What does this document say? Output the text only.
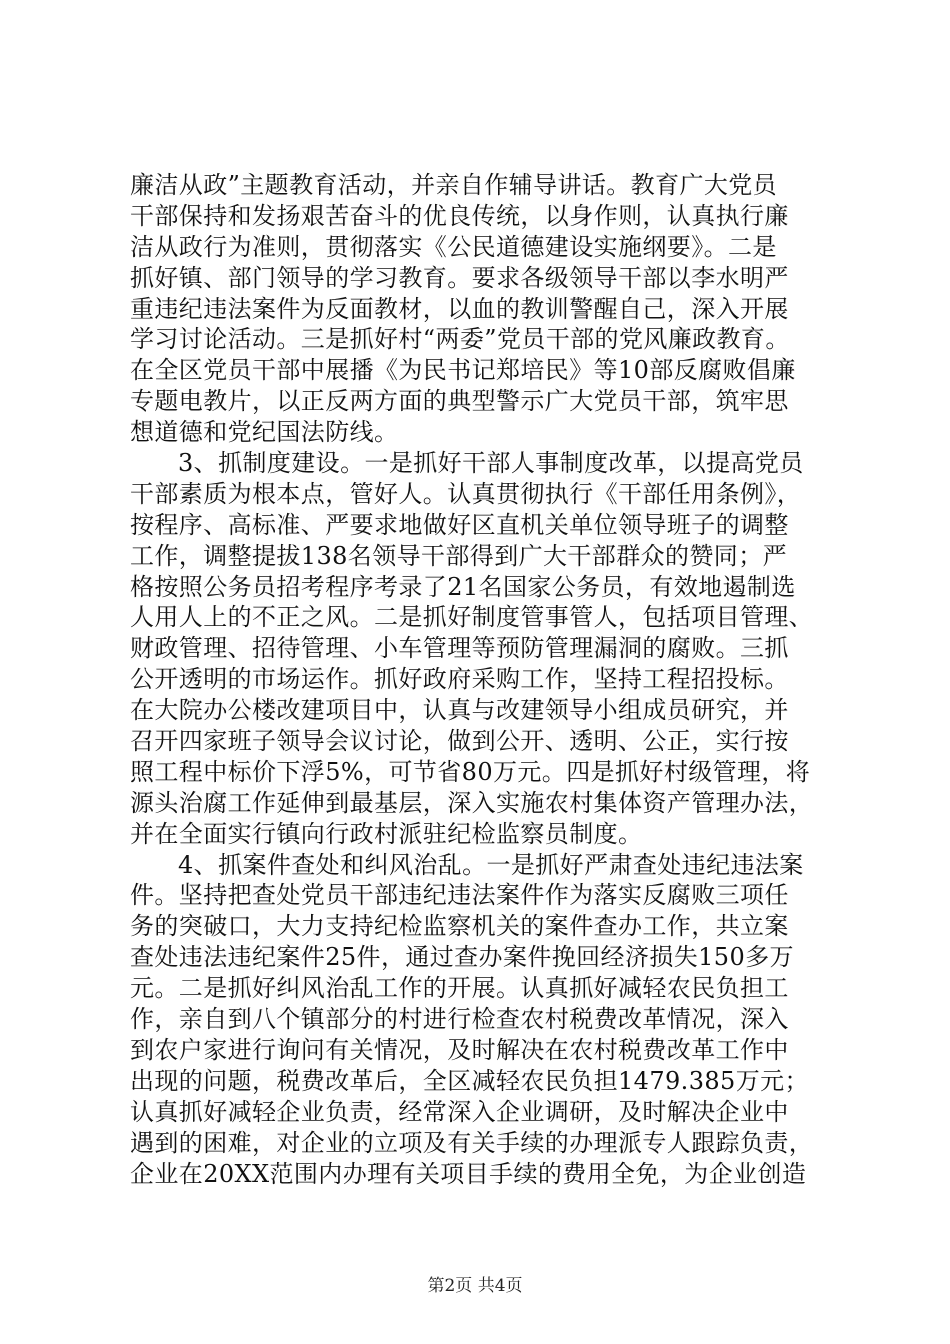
廉洁从政”主题教育活动，并亲自作辅导讲话。教育广大党员
干部保持和发扬艰苦奋斗的优良传统，以身作则，认真执行廉
洁从政行为准则，贯彻落实《公民道德建设实施纲要》。二是
抓好镇、部门领导的学习教育。要求各级领导干部以李水明严
重违纪违法案件为反面教材，以血的教训警醒自己，深入开展
学习讨论活动。三是抓好村“两委”党员干部的党风廉政教育。
在全区党员干部中展播《为民书记郑培民》等10部反腐败倡廉
专题电教片，以正反两方面的典型警示广大党员干部，筑牢思
想道德和党纪国法防线。
3、抓制度建设。一是抓好干部人事制度改革，以提高党员
干部素质为根本点，管好人。认真贯彻执行《干部任用条例》，
按程序、高标准、严要求地做好区直机关单位领导班子的调整
工作，调整提拔138名领导干部得到广大干部群众的赞同；严
格按照公务员招考程序考录了21名国家公务员，有效地遏制选
人用人上的不正之风。二是抓好制度管事管人，包括项目管理、
财政管理、招待管理、小车管理等预防管理漏洞的腐败。三抓
公开透明的市场运作。抓好政府采购工作，坚持工程招投标。
在大院办公楼改建项目中，认真与改建领导小组成员研究，并
召开四家班子领导会议讨论，做到公开、透明、公正，实行按
照工程中标价下浮5%，可节省80万元。四是抓好村级管理，将
源头治腐工作延伸到最基层，深入实施农村集体资产管理办法，
并在全面实行镇向行政村派驻纪检监察员制度。
4、抓案件查处和纠风治乱。一是抓好严肃查处违纪违法案
件。坚持把查处党员干部违纪违法案件作为落实反腐败三项任
务的突破口，大力支持纪检监察机关的案件查办工作，共立案
查处违法违纪案件25件，通过查办案件挽回经济损失150多万
元。二是抓好纠风治乱工作的开展。认真抓好减轻农民负担工
作，亲自到八个镇部分的村进行检查农村税费改革情况，深入
到农户家进行询问有关情况，及时解决在农村税费改革工作中
出现的问题，税费改革后，全区减轻农民负担1479.385万元；
认真抓好减轻企业负责，经常深入企业调研，及时解决企业中
遇到的困难，对企业的立项及有关手续的办理派专人跟踪负责，
企业在20XX范围内办理有关项目手续的费用全免，为企业创造
第2页 共4页
